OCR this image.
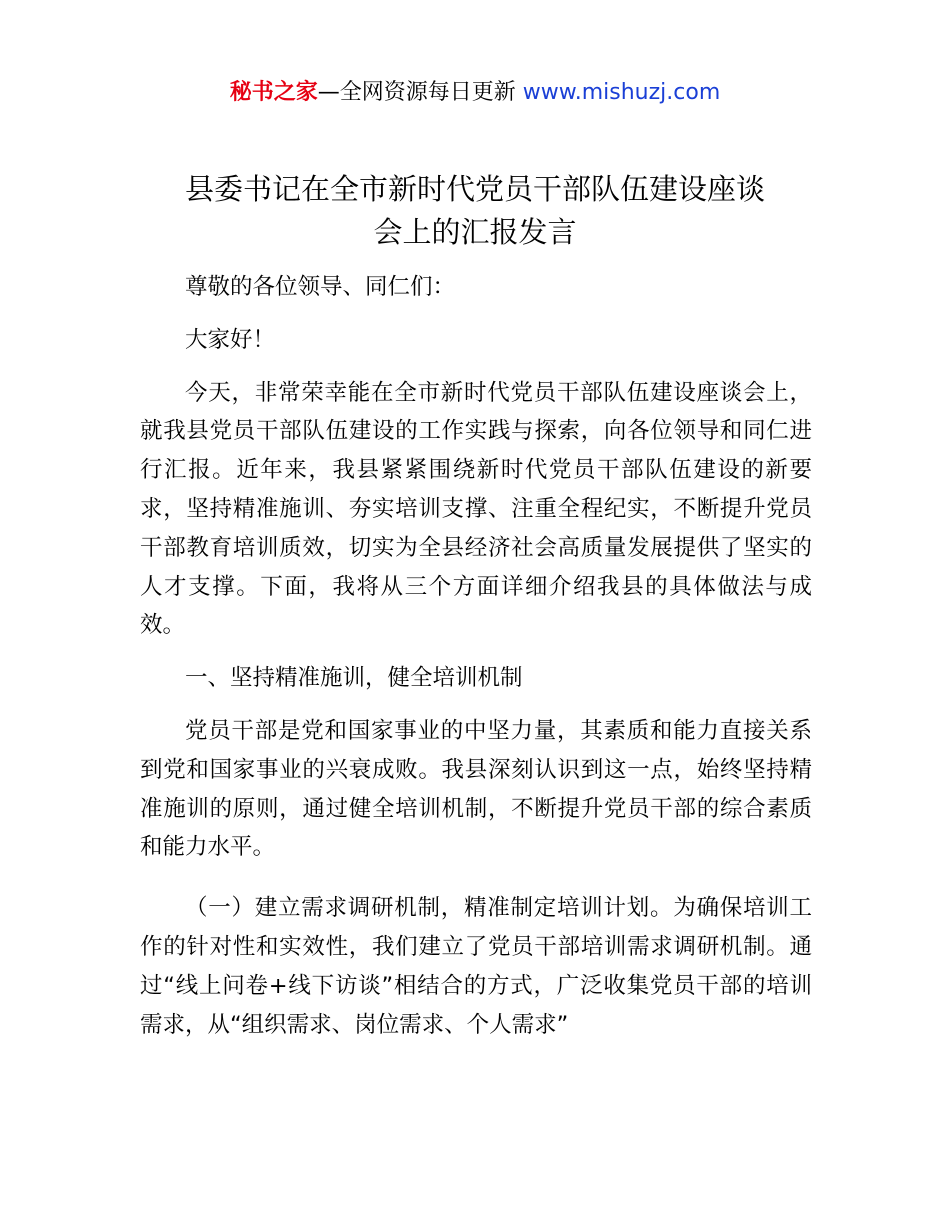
秘书之家—全网资源每日更新 www.mishuzj.com
县委书记在全市新时代党员干部队伍建设座谈
会上的汇报发言

尊敬的各位领导、同仁们：

大家好！

今天，非常荣幸能在全市新时代党员干部队伍建设座谈会上，就我县党员干部队伍建设的工作实践与探索，向各位领导和同仁进行汇报。近年来，我县紧紧围绕新时代党员干部队伍建设的新要求，坚持精准施训、夯实培训支撑、注重全程纪实，不断提升党员干部教育培训质效，切实为全县经济社会高质量发展提供了坚实的人才支撑。下面，我将从三个方面详细介绍我县的具体做法与成效。

一、坚持精准施训，健全培训机制

党员干部是党和国家事业的中坚力量，其素质和能力直接关系到党和国家事业的兴衰成败。我县深刻认识到这一点，始终坚持精准施训的原则，通过健全培训机制，不断提升党员干部的综合素质和能力水平。

（一）建立需求调研机制，精准制定培训计划。为确保培训工作的针对性和实效性，我们建立了党员干部培训需求调研机制。通过“线上问卷+线下访谈”相结合的方式，广泛收集党员干部的培训需求，从“组织需求、岗位需求、个人需求”
